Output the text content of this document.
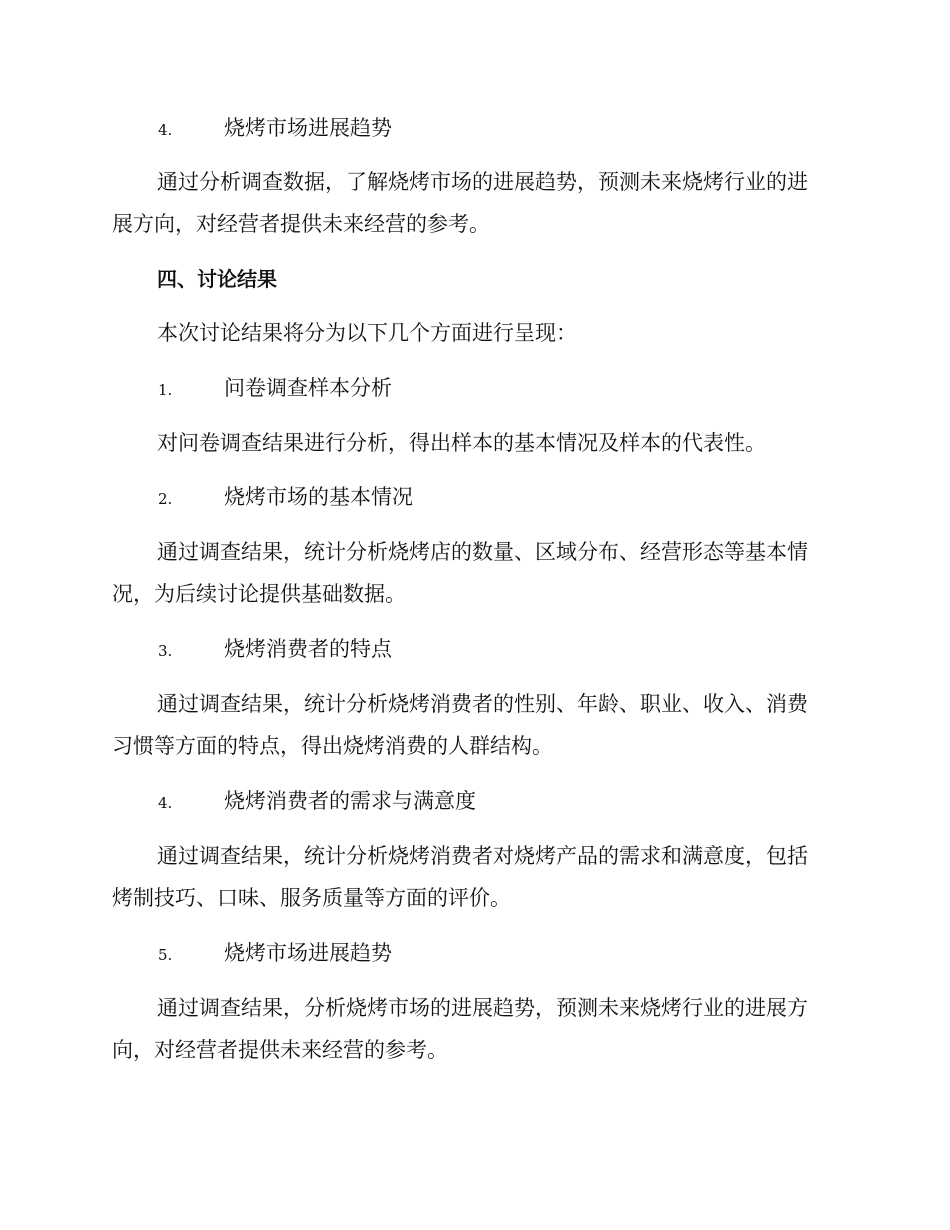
4. 烧烤市场进展趋势
通过分析调查数据，了解烧烤市场的进展趋势，预测未来烧烤行业的进
展方向，对经营者提供未来经营的参考。
四、讨论结果
本次讨论结果将分为以下几个方面进行呈现：
1. 问卷调查样本分析
对问卷调查结果进行分析，得出样本的基本情况及样本的代表性。
2. 烧烤市场的基本情况
通过调查结果，统计分析烧烤店的数量、区域分布、经营形态等基本情
况，为后续讨论提供基础数据。
3. 烧烤消费者的特点
通过调查结果，统计分析烧烤消费者的性别、年龄、职业、收入、消费
习惯等方面的特点，得出烧烤消费的人群结构。
4. 烧烤消费者的需求与满意度
通过调查结果，统计分析烧烤消费者对烧烤产品的需求和满意度，包括
烤制技巧、口味、服务质量等方面的评价。
5. 烧烤市场进展趋势
通过调查结果，分析烧烤市场的进展趋势，预测未来烧烤行业的进展方
向，对经营者提供未来经营的参考。
